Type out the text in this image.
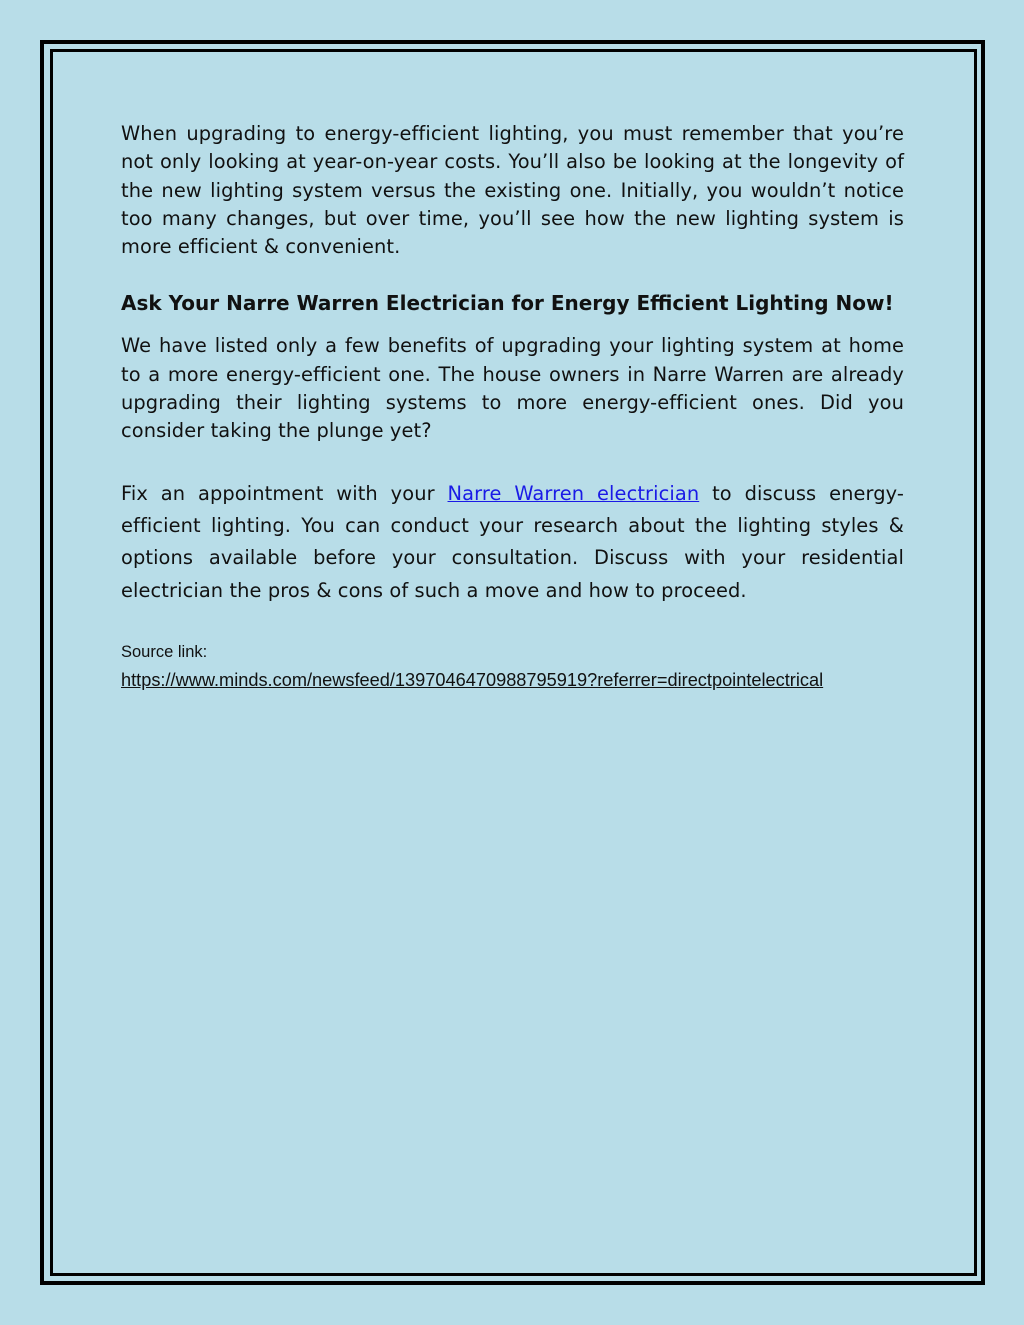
When upgrading to energy-efficient lighting, you must remember that you’re not only looking at year-on-year costs. You’ll also be looking at the longevity of the new lighting system versus the existing one. Initially, you wouldn’t notice too many changes, but over time, you’ll see how the new lighting system is more efficient & convenient.

Ask Your Narre Warren Electrician for Energy Efficient Lighting Now!

We have listed only a few benefits of upgrading your lighting system at home to a more energy-efficient one. The house owners in Narre Warren are already upgrading their lighting systems to more energy-efficient ones. Did you consider taking the plunge yet?

Fix an appointment with your Narre Warren electrician to discuss energy-efficient lighting. You can conduct your research about the lighting styles & options available before your consultation. Discuss with your residential electrician the pros & cons of such a move and how to proceed.

Source link:

https://www.minds.com/newsfeed/1397046470988795919?referrer=directpointelectrical
